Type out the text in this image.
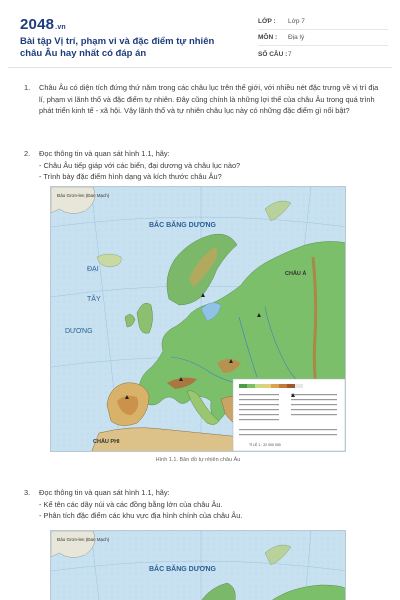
2048.vn
Bài tập Vị trí, phạm vi và đặc điểm tự nhiên châu Âu hay nhất có đáp án
LỚP :	Lớp 7
MÔN :	Địa lý
SỐ CÂU : 7
1.	Châu Âu có diện tích đứng thứ năm trong các châu lục trên thế giới, với nhiều nét đặc trưng về vị trí địa lí, phạm vi lãnh thổ và đặc điểm tự nhiên. Đây cũng chính là những lợi thế của châu Âu trong quá trình phát triển kinh tế - xã hội. Vậy lãnh thổ và tự nhiên châu lục này có những đặc điểm gì nổi bật?
2.	Đọc thông tin và quan sát hình 1.1, hãy:
- Châu Âu tiếp giáp với các biển, đại dương và châu lục nào?
- Trình bày đặc điểm hình dạng và kích thước châu Âu?
Đảo Grơn-len (Đan Mạch)
BẮC BĂNG DƯƠNG
ĐẠI
TÂY
DƯƠNG
CHÂU Á
CHÂU PHI	TỈ LỆ 1 : 22 000 000
Hình 1.1. Bản đồ tự nhiên châu Âu
3.	Đọc thông tin và quan sát hình 1.1, hãy:
- Kể tên các dãy núi và các đồng bằng lớn của châu Âu.
- Phân tích đặc điểm các khu vực địa hình chính của châu Âu.
Đảo Grơn-len (Đan Mạch)
BẮC BĂNG DƯƠNG
